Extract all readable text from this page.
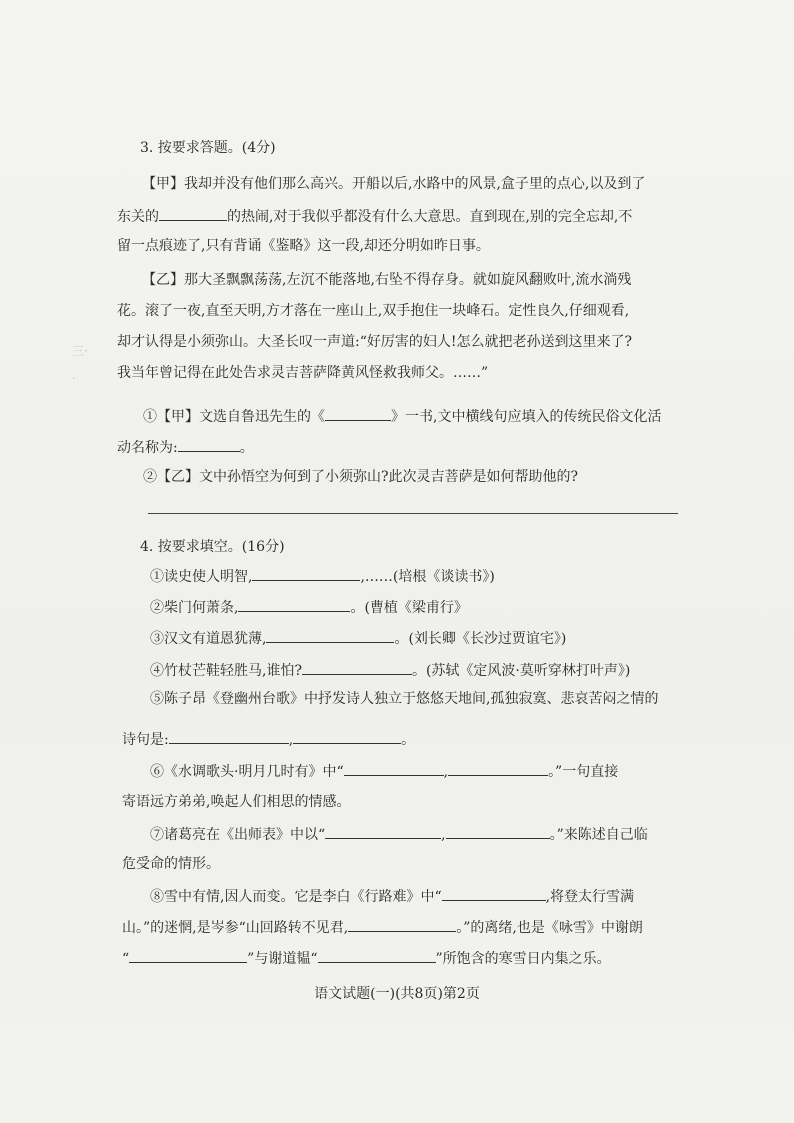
三·
·
3. 按要求答题。(4分)
【甲】我却并没有他们那么高兴。开船以后,水路中的风景,盒子里的点心,以及到了
东关的	的热闹,对于我似乎都没有什么大意思。直到现在,别的完全忘却,不
留一点痕迹了,只有背诵《鉴略》这一段,却还分明如昨日事。
【乙】那大圣飘飘荡荡,左沉不能落地,右坠不得存身。就如旋风翻败叶,流水淌残
花。滚了一夜,直至天明,方才落在一座山上,双手抱住一块峰石。定性良久,仔细观看,
却才认得是小须弥山。大圣长叹一声道:“好厉害的妇人!怎么就把老孙送到这里来了?
我当年曾记得在此处告求灵吉菩萨降黄风怪救我师父。……”
①【甲】文选自鲁迅先生的《	》一书,文中横线句应填入的传统民俗文化活
动名称为:	。
②【乙】文中孙悟空为何到了小须弥山?此次灵吉菩萨是如何帮助他的?
4. 按要求填空。(16分)
①读史使人明智,	,……(培根《谈读书》)
②柴门何萧条,	。(曹植《梁甫行》
③汉文有道恩犹薄,	。(刘长卿《长沙过贾谊宅》)
④竹杖芒鞋轻胜马,谁怕?	。(苏轼《定风波·莫听穿林打叶声》)
⑤陈子昂《登幽州台歌》中抒发诗人独立于悠悠天地间,孤独寂寞、悲哀苦闷之情的
诗句是:	,	。
⑥《水调歌头·明月几时有》中“	,	。”一句直接
寄语远方弟弟,唤起人们相思的情感。
⑦诸葛亮在《出师表》中以“	,	。”来陈述自己临
危受命的情形。
⑧雪中有情,因人而变。它是李白《行路难》中“	,将登太行雪满
山。”的迷惘,是岑参“山回路转不见君,	。”的离绪,也是《咏雪》中谢朗
“	”与谢道韫“	”所饱含的寒雪日内集之乐。
语文试题(一)(共8页)第2页
